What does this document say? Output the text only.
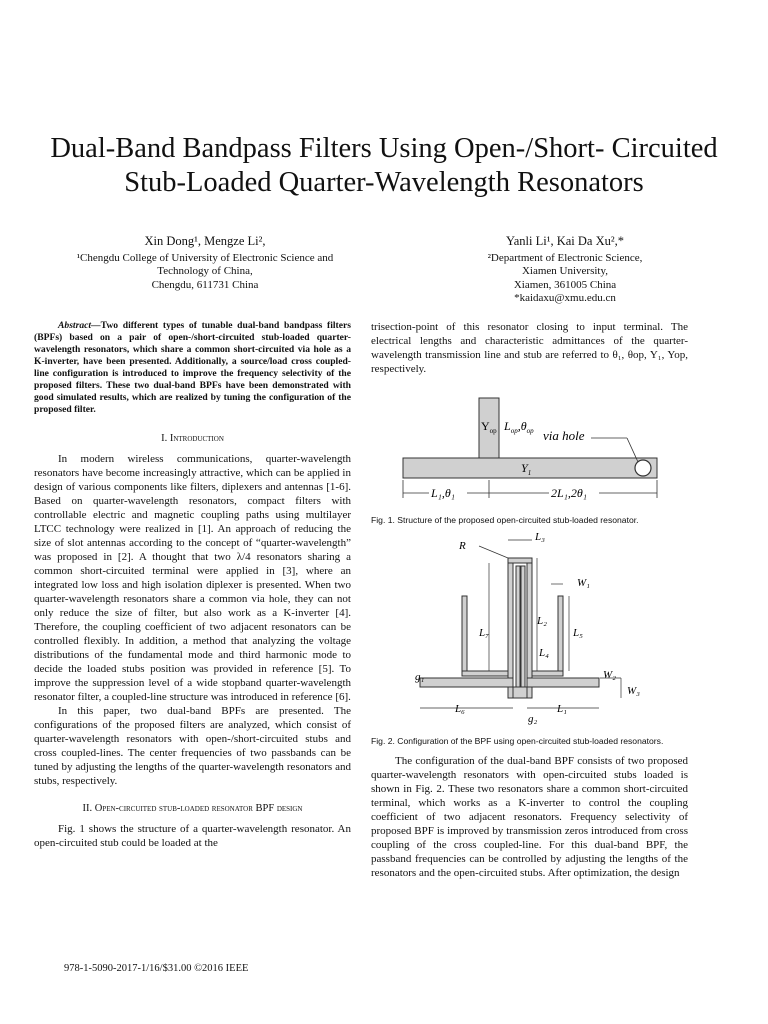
Dual-Band Bandpass Filters Using Open-/Short- Circuited
Stub-Loaded Quarter-Wavelength Resonators
Xin Dong¹, Mengze Li²,
¹Chengdu College of University of Electronic Science and
Technology of China,
Chengdu, 611731 China
Yanli Li¹, Kai Da Xu²,*
²Department of Electronic Science,
Xiamen University,
Xiamen, 361005 China
*kaidaxu@xmu.edu.cn

Abstract—Two different types of tunable dual-band bandpass filters (BPFs) based on a pair of open-/short-circuited stub-loaded quarter-wavelength resonators, which share a common short-circuited via hole as a K-inverter, have been presented. Additionally, a source/load cross coupled-line configuration is introduced to improve the frequency selectivity of the proposed filters. These two dual-band BPFs have been demonstrated with good simulated results, which are realized by tuning the configuration of the proposed filter.

I. Introduction

In modern wireless communications, quarter-wavelength resonators have become increasingly attractive, which can be applied in design of various components like filters, diplexers and antennas [1-6]. Based on quarter-wavelength resonators, compact filters with controllable electric and magnetic coupling paths using multilayer LTCC technology were realized in [1]. An approach of reducing the size of slot antennas according to the concept of “quarter-wavelength” was proposed in [2]. A thought that two λ/4 resonators sharing a common short-circuited terminal were applied in [3], where an integrated low loss and high isolation diplexer is presented. When two quarter-wavelength resonators share a common via hole, they can not only reduce the size of filter, but also work as a K-inverter [4]. Therefore, the coupling coefficient of two adjacent resonators can be controlled flexibly. In addition, a method that analyzing the voltage distributions of the fundamental mode and third harmonic mode to decide the loaded stubs position was provided in reference [5]. To improve the suppression level of a wide stopband quarter-wavelength resonator filter, a coupled-line structure was introduced in reference [6].

In this paper, two dual-band BPFs are presented. The configurations of the proposed filters are analyzed, which consist of quarter-wavelength resonators with open-/short-circuited stubs and cross coupled-lines. The center frequencies of two passbands can be tuned by adjusting the lengths of the quarter-wavelength resonators and stubs, respectively.

II. Open-circuited stub-loaded resonator BPF design

Fig. 1 shows the structure of a quarter-wavelength resonator. An open-circuited stub could be loaded at the

trisection-point of this resonator closing to input terminal. The electrical lengths and characteristic admittances of the quarter-wavelength transmission line and stub are referred to θ₁, θop, Y₁, Yop, respectively.

$Y_{op}$ $L_{op},\theta_{op}$ via hole
$Y_1$
L₁,θ₁	2L₁,2θ₁
Fig. 1. Structure of the proposed open-circuited stub-loaded resonator.
R
L₃
W₁
L₇
L₂
L₅
L₄
g₁	W₂
W₃
L₆	L₁
g₂
Fig. 2. Configuration of the BPF using open-circuited stub-loaded resonators.

The configuration of the dual-band BPF consists of two proposed quarter-wavelength resonators with open-circuited stubs loaded is shown in Fig. 2. These two resonators share a common short-circuited terminal, which works as a K-inverter to control the coupling coefficient of two adjacent resonators. Frequency selectivity of proposed BPF is improved by transmission zeros introduced from cross coupling of the cross coupled-line. For this dual-band BPF, the passband frequencies can be controlled by adjusting the lengths of the resonators and the open-circuited stubs. After optimization, the design

978-1-5090-2017-1/16/$31.00 ©2016 IEEE
